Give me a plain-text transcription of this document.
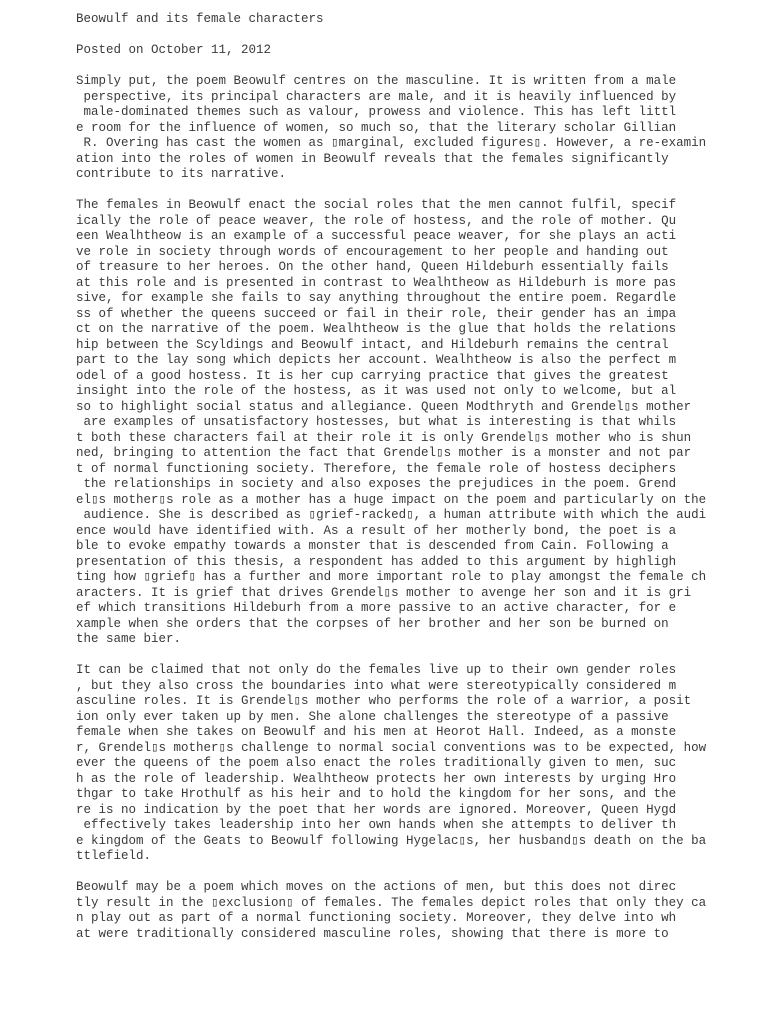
Beowulf and its female characters
Posted on October 11, 2012
Simply put, the poem Beowulf centres on the masculine. It is written from a male
perspective, its principal characters are male, and it is heavily influenced by
male-dominated themes such as valour, prowess and violence. This has left littl
e room for the influence of women, so much so, that the literary scholar Gillian
R. Overing has cast the women as ▯marginal, excluded figures▯. However, a re-examin
ation into the roles of women in Beowulf reveals that the females significantly
contribute to its narrative.
The females in Beowulf enact the social roles that the men cannot fulfil, specif
ically the role of peace weaver, the role of hostess, and the role of mother. Qu
een Wealhtheow is an example of a successful peace weaver, for she plays an acti
ve role in society through words of encouragement to her people and handing out
of treasure to her heroes. On the other hand, Queen Hildeburh essentially fails
at this role and is presented in contrast to Wealhtheow as Hildeburh is more pas
sive, for example she fails to say anything throughout the entire poem. Regardle
ss of whether the queens succeed or fail in their role, their gender has an impa
ct on the narrative of the poem. Wealhtheow is the glue that holds the relations
hip between the Scyldings and Beowulf intact, and Hildeburh remains the central
part to the lay song which depicts her account. Wealhtheow is also the perfect m
odel of a good hostess. It is her cup carrying practice that gives the greatest
insight into the role of the hostess, as it was used not only to welcome, but al
so to highlight social status and allegiance. Queen Modthryth and Grendel▯s mother
are examples of unsatisfactory hostesses, but what is interesting is that whils
t both these characters fail at their role it is only Grendel▯s mother who is shun
ned, bringing to attention the fact that Grendel▯s mother is a monster and not par
t of normal functioning society. Therefore, the female role of hostess deciphers
the relationships in society and also exposes the prejudices in the poem. Grend
el▯s mother▯s role as a mother has a huge impact on the poem and particularly on the
audience. She is described as ▯grief-racked▯, a human attribute with which the audi
ence would have identified with. As a result of her motherly bond, the poet is a
ble to evoke empathy towards a monster that is descended from Cain. Following a
presentation of this thesis, a respondent has added to this argument by highligh
ting how ▯grief▯ has a further and more important role to play amongst the female ch
aracters. It is grief that drives Grendel▯s mother to avenge her son and it is gri
ef which transitions Hildeburh from a more passive to an active character, for e
xample when she orders that the corpses of her brother and her son be burned on
the same bier.
It can be claimed that not only do the females live up to their own gender roles
, but they also cross the boundaries into what were stereotypically considered m
asculine roles. It is Grendel▯s mother who performs the role of a warrior, a posit
ion only ever taken up by men. She alone challenges the stereotype of a passive
female when she takes on Beowulf and his men at Heorot Hall. Indeed, as a monste
r, Grendel▯s mother▯s challenge to normal social conventions was to be expected, how
ever the queens of the poem also enact the roles traditionally given to men, suc
h as the role of leadership. Wealhtheow protects her own interests by urging Hro
thgar to take Hrothulf as his heir and to hold the kingdom for her sons, and the
re is no indication by the poet that her words are ignored. Moreover, Queen Hygd
effectively takes leadership into her own hands when she attempts to deliver th
e kingdom of the Geats to Beowulf following Hygelac▯s, her husband▯s death on the ba
ttlefield.
Beowulf may be a poem which moves on the actions of men, but this does not direc
tly result in the ▯exclusion▯ of females. The females depict roles that only they ca
n play out as part of a normal functioning society. Moreover, they delve into wh
at were traditionally considered masculine roles, showing that there is more to
